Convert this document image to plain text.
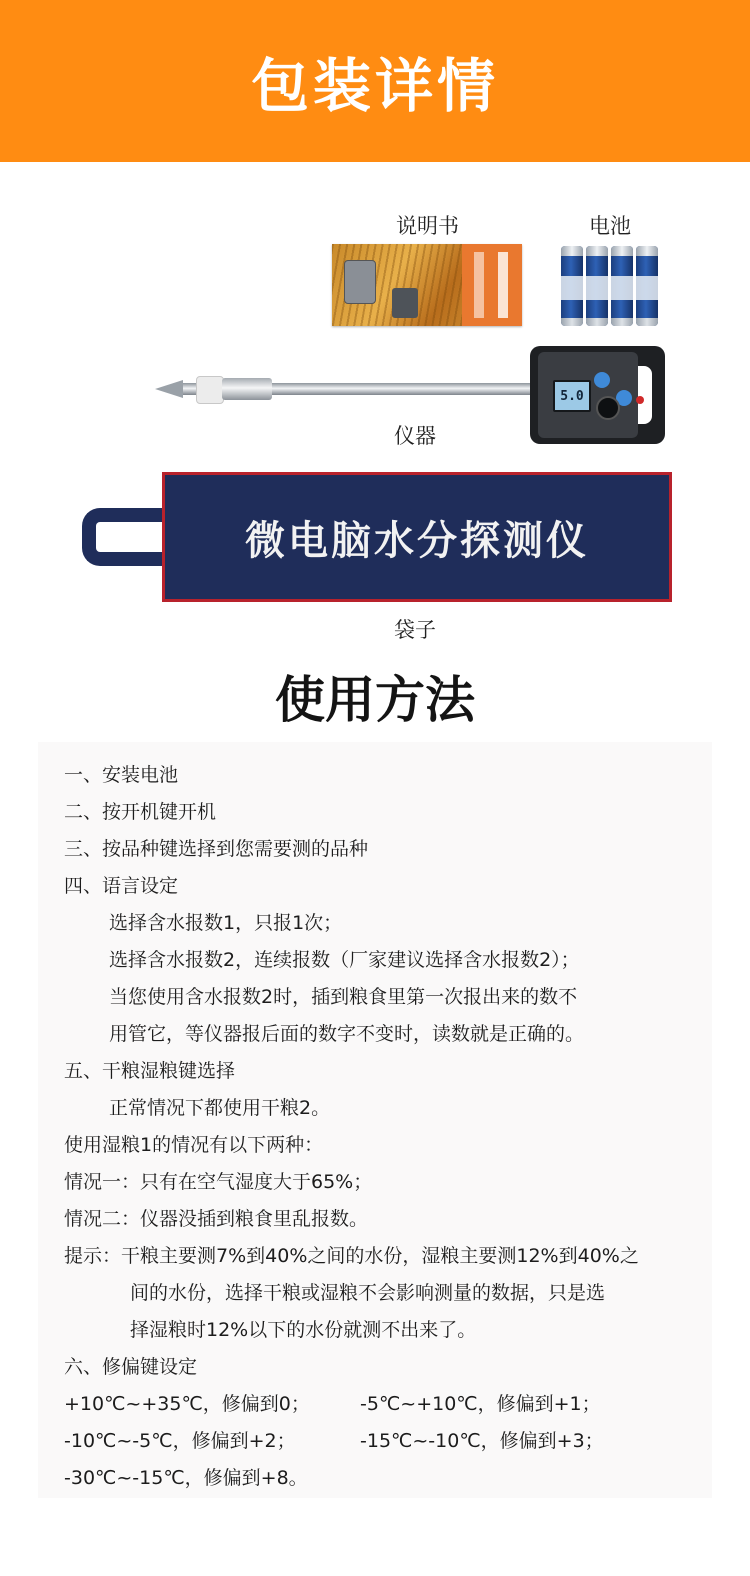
包装详情
说明书	电池
5.0
仪器
微电脑水分探测仪
袋子
使用方法
一、安装电池
二、按开机键开机
三、按品种键选择到您需要测的品种
四、语言设定
选择含水报数1，只报1次；
选择含水报数2，连续报数（厂家建议选择含水报数2）；
当您使用含水报数2时，插到粮食里第一次报出来的数不
用管它，等仪器报后面的数字不变时，读数就是正确的。
五、干粮湿粮键选择
正常情况下都使用干粮2。
使用湿粮1的情况有以下两种：
情况一：只有在空气湿度大于65%；
情况二：仪器没插到粮食里乱报数。
提示：干粮主要测7%到40%之间的水份，湿粮主要测12%到40%之
间的水份，选择干粮或湿粮不会影响测量的数据，只是选
择湿粮时12%以下的水份就测不出来了。
六、修偏键设定
+10℃~+35℃，修偏到0；	-5℃~+10℃，修偏到+1；
-10℃~-5℃，修偏到+2；	-15℃~-10℃，修偏到+3；
-30℃~-15℃，修偏到+8。
